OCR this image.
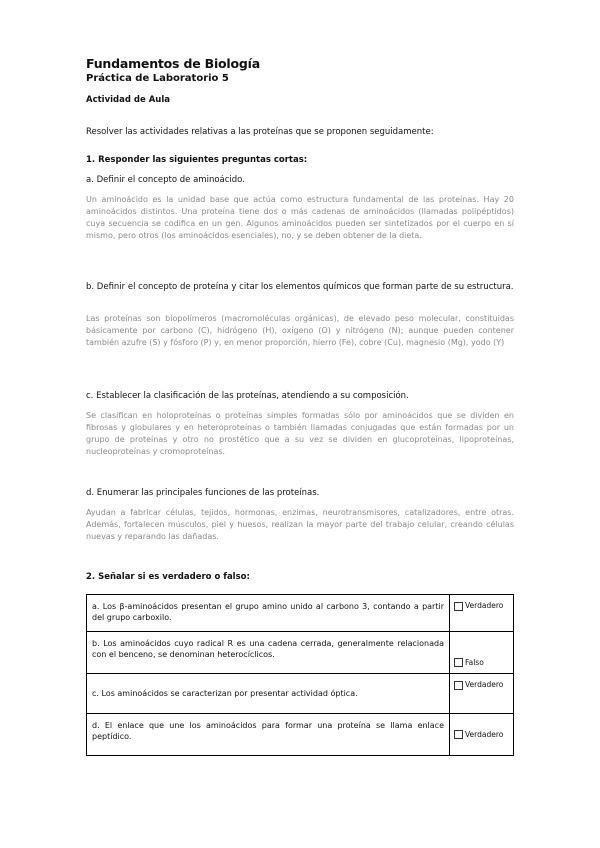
Fundamentos de Biología
Práctica de Laboratorio 5
Actividad de Aula
Resolver las actividades relativas a las proteínas que se proponen seguidamente:
1. Responder las siguientes preguntas cortas:
a. Definir el concepto de aminoácido.
Un aminoácido es la unidad base que actúa como estructura fundamental de las proteínas. Hay 20 aminoácidos distintos. Una proteína tiene dos o más cadenas de aminoácidos (llamadas polipéptidos) cuya secuencia se codifica en un gen. Algunos aminoácidos pueden ser sintetizados por el cuerpo en sí mismo, pero otros (los aminoácidos esenciales), no, y se deben obtener de la dieta.
b. Definir el concepto de proteína y citar los elementos químicos que forman parte de su estructura.
Las proteínas son biopolímeros (macromoléculas orgánicas), de elevado peso molecular, constituidas básicamente por carbono (C), hidrógeno (H), oxígeno (O) y nitrógeno (N); aunque pueden contener también azufre (S) y fósforo (P) y, en menor proporción, hierro (Fe), cobre (Cu), magnesio (Mg), yodo (Y)
c. Establecer la clasificación de las proteínas, atendiendo a su composición.
Se clasifican en holoproteínas o proteínas simples formadas sólo por aminoácidos que se dividen en fibrosas y globulares y en heteroproteínas o también llamadas conjugadas que están formadas por un grupo de proteínas y otro no prostético que a su vez se dividen en glucoproteínas, lipoproteínas, nucleoproteínas y cromoproteínas.
d. Enumerar las principales funciones de las proteínas.
Ayudan a fabricar células, tejidos, hormonas, enzimas, neurotransmisores, catalizadores, entre otras. Además, fortalecen músculos, piel y huesos, realizan la mayor parte del trabajo celular, creando células nuevas y reparando las dañadas.
2. Señalar si es verdadero o falso:
a. Los β-aminoácidos presentan el grupo amino unido al carbono 3, contando a partir del grupo carboxilo.	Verdadero
b. Los aminoácidos cuyo radical R es una cadena cerrada, generalmente relacionada con el benceno, se denominan heterocíclicos.	Falso
c. Los aminoácidos se caracterizan por presentar actividad óptica.	Verdadero
d. El enlace que une los aminoácidos para formar una proteína se llama enlace peptídico.	Verdadero
